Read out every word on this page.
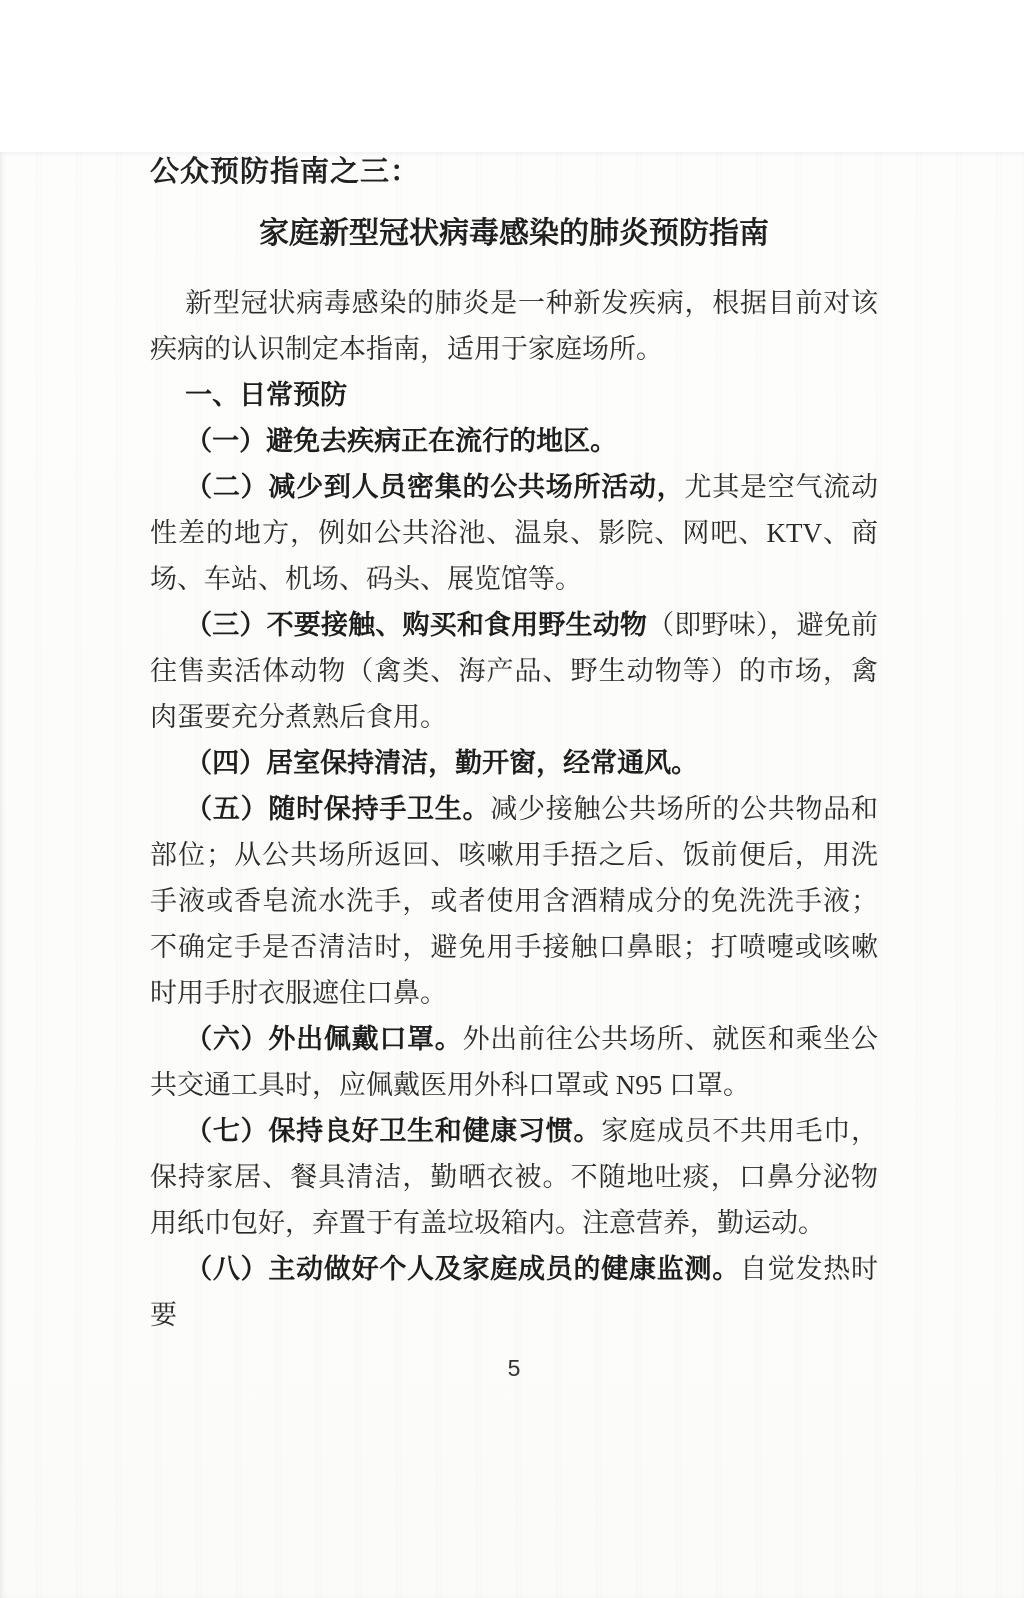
公众预防指南之三：
家庭新型冠状病毒感染的肺炎预防指南

新型冠状病毒感染的肺炎是一种新发疾病，根据目前对该疾病的认识制定本指南，适用于家庭场所。

一、日常预防

（一）避免去疾病正在流行的地区。

（二）减少到人员密集的公共场所活动，尤其是空气流动性差的地方，例如公共浴池、温泉、影院、网吧、KTV、商场、车站、机场、码头、展览馆等。

（三）不要接触、购买和食用野生动物（即野味），避免前往售卖活体动物（禽类、海产品、野生动物等）的市场，禽肉蛋要充分煮熟后食用。

（四）居室保持清洁，勤开窗，经常通风。

（五）随时保持手卫生。减少接触公共场所的公共物品和部位；从公共场所返回、咳嗽用手捂之后、饭前便后，用洗手液或香皂流水洗手，或者使用含酒精成分的免洗洗手液；不确定手是否清洁时，避免用手接触口鼻眼；打喷嚏或咳嗽时用手肘衣服遮住口鼻。

（六）外出佩戴口罩。外出前往公共场所、就医和乘坐公共交通工具时，应佩戴医用外科口罩或 N95 口罩。

（七）保持良好卫生和健康习惯。家庭成员不共用毛巾，保持家居、餐具清洁，勤晒衣被。不随地吐痰，口鼻分泌物用纸巾包好，弃置于有盖垃圾箱内。注意营养，勤运动。

（八）主动做好个人及家庭成员的健康监测。自觉发热时要

5
